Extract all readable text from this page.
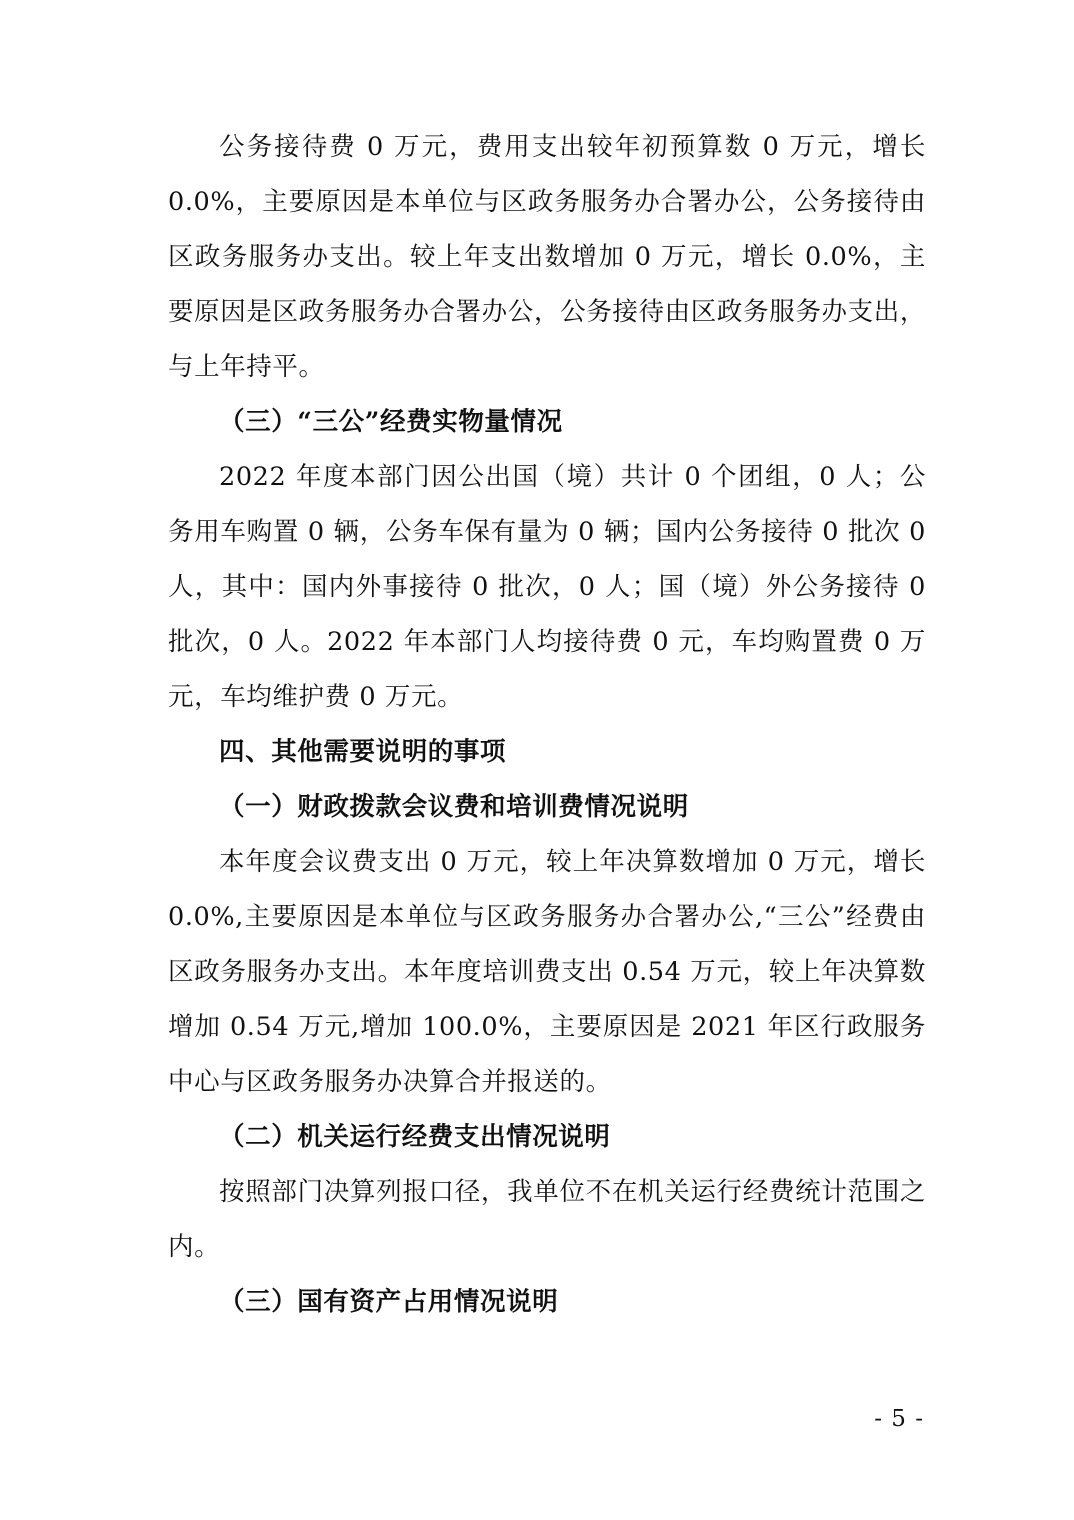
公务接待费 0 万元，费用支出较年初预算数 0 万元，增长 0.0%，主要原因是本单位与区政务服务办合署办公，公务接待由区政务服务办支出。较上年支出数增加 0 万元，增长 0.0%，主要原因是区政务服务办合署办公，公务接待由区政务服务办支出，与上年持平。

（三）“三公”经费实物量情况

2022 年度本部门因公出国（境）共计 0 个团组，0 人；公务用车购置 0 辆，公务车保有量为 0 辆；国内公务接待 0 批次 0 人，其中：国内外事接待 0 批次，0 人；国（境）外公务接待 0 批次，0 人。2022 年本部门人均接待费 0 元，车均购置费 0 万元，车均维护费 0 万元。

四、其他需要说明的事项

（一）财政拨款会议费和培训费情况说明

本年度会议费支出 0 万元，较上年决算数增加 0 万元，增长 0.0%,主要原因是本单位与区政务服务办合署办公,“三公”经费由区政务服务办支出。本年度培训费支出 0.54 万元，较上年决算数增加 0.54 万元,增加 100.0%，主要原因是 2021 年区行政服务中心与区政务服务办决算合并报送的。

（二）机关运行经费支出情况说明

按照部门决算列报口径，我单位不在机关运行经费统计范围之内。

（三）国有资产占用情况说明

- 5 -
